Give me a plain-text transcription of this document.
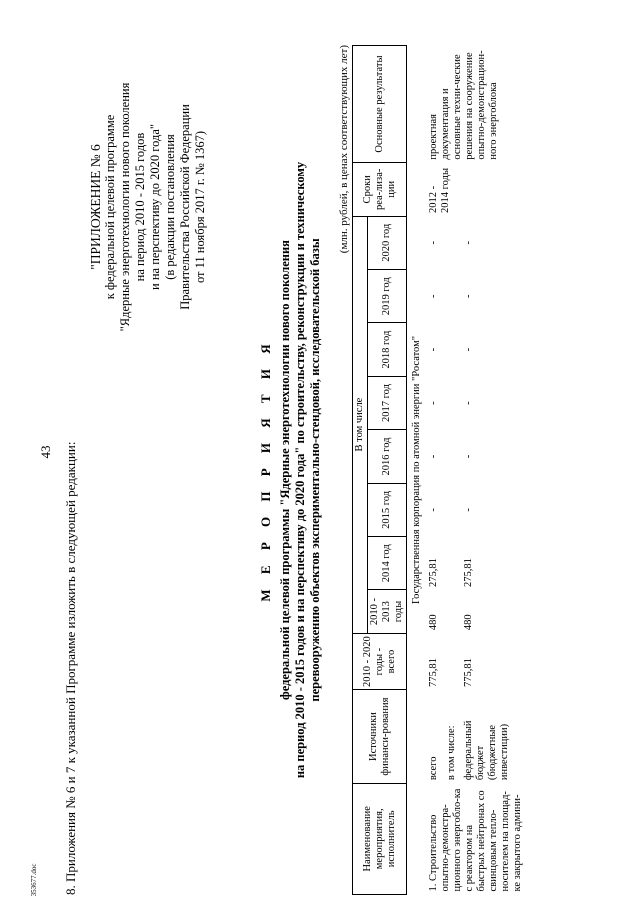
43
353677.doc 8. Приложения № 6 и 7 к указанной Программе изложить в следующей редакции:
"ПРИЛОЖЕНИЕ № 6 к федеральной целевой программе "Ядерные энерготехнологии нового поколения на период 2010 - 2015 годов и на перспективу до 2020 года" (в редакции постановления Правительства Российской Федерации от 11 ноября 2017 г. № 1367)
М Е Р О П Р И Я Т И Я федеральной целевой программы "Ядерные энерготехнологии нового поколения на период 2010 - 2015 годов и на перспективу до 2020 года" по строительству, реконструкции и техническому перевооружению объектов экспериментально-стендовой, исследовательской базы
(млн. рублей, в ценах соответствующих лет)
Наименование мероприятия, исполнитель	Источники финанси-рования	2010 - 2020 годы - всего	В том числе								Сроки реа-лиза-ции	Основные результаты
			2010 - 2013 годы	2014 год	2015 год	2016 год	2017 год	2018 год	2019 год	2020 год		
Государственная корпорация по атомной энергии "Росатом"												
1. Строительство опытно-демонстра-ционного энергобло-ка с реактором на быстрых нейтронах со свинцовым тепло-носителем на площад-ке закрытого админи-	всего	775,81	480	275,81	-	-	-	-	-	-	2012 - 2014 годы	проектная документация и основные техни-ческие решения на сооружение опытно-демонстрацион-ного энергоблока
	в том числе:											
	федеральный бюджет (бюджетные инвестиции)	775,81	480	275,81	-	-	-	-	-	-		
